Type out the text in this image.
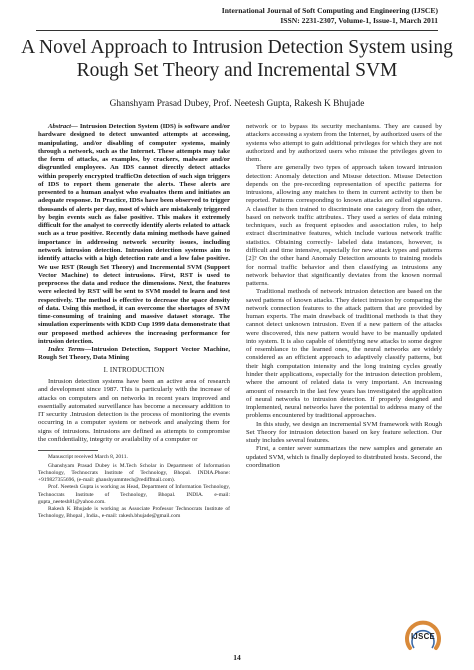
International Journal of Soft Computing and Engineering (IJSCE)
ISSN: 2231-2307, Volume-1, Issue-1, March 2011
A Novel Approach to Intrusion Detection System using Rough Set Theory and Incremental SVM
Ghanshyam Prasad Dubey, Prof. Neetesh Gupta, Rakesh K Bhujade

Abstract— Intrusion Detection System (IDS) is software and/or hardware designed to detect unwanted attempts at accessing, manipulating, and/or disabling of computer systems, mainly through a network, such as the Internet. These attempts may take the form of attacks, as examples, by crackers, malware and/or disgruntled employees. An IDS cannot directly detect attacks within properly encrypted trafficOn detection of such sign triggers of IDS to report them generate the alerts. These alerts are presented to a human analyst who evaluates them and initiates an adequate response. In Practice, IDSs have been observed to trigger thousands of alerts per day, most of which are mistakenly triggered by begin events such as false positive. This makes it extremely difficult for the analyst to correctly identify alerts related to attack such as a true positive. Recently data mining methods have gained importance in addressing network security issues, including network intrusion detection. Intrusion detection systems aim to identify attacks with a high detection rate and a low false positive. We use RST (Rough Set Theory) and Incremental SVM (Support Vector Machine) to detect intrusions. First, RST is used to preprocess the data and reduce the dimensions. Next, the features were selected by RST will be sent to SVM model to learn and test respectively. The method is effective to decrease the space density of data. Using this method, it can overcome the shortages of SVM time-consuming of training and massive dataset storage. The simulation experiments with KDD Cup 1999 data demonstrate that our proposed method achieves the increasing performance for intrusion detection.

Index Terms—Intrusion Detection, Support Vector Machine, Rough Set Theory, Data Mining

I. INTRODUCTION

Intrusion detection systems have been an active area of research and development since 1987. This is particularly with the increase of attacks on computers and on networks in recent years improved and essentially automated surveillance has become a necessary addition to IT security .Intrusion detection is the process of monitoring the events occurring in a computer system or network and analyzing them for signs of intrusions. Intrusions are defined as attempts to compromise the confidentiality, integrity or availability of a computer or

Manuscript received March 8, 2011.

Ghanshyam Prasad Dubey is M.Tech Scholar in Department of Information Technology, Technocrats Institute of Technology, Bhopal. INDIA.Phone: +919827355696, (e-mail: ghanshyammtech@rediffmail.com).

Prof. Neetesh Gupta is working as Head, Department of Information Technology, Technocrats Institute of Technology, Bhopal. INDIA. e-mail: gupta_neetesh81@yahoo.com.

Rakesh K Bhujade is working as Associate Professor Technocrats Institute of Technology, Bhopal , India., e-mail: rakesh.bhujade@gmail.com

network or to bypass its security mechanisms. They are caused by attackers accessing a system from the Internet, by authorized users of the systems who attempt to gain additional privileges for which they are not authorized and by authorized users who misuse the privileges given to them.

There are generally two types of approach taken toward intrusion detection: Anomaly detection and Misuse detection. Misuse Detection depends on the pre-recording representation of specific patterns for intrusions, allowing any matches to them in current activity to then be reported. Patterns corresponding to known attacks are called signatures. A classifier is then trained to discriminate one category from the other, based on network traffic attributes.. They used a series of data mining techniques, such as frequent episodes and association rules, to help extract discriminative features, which include various network traffic statistics. Obtaining correctly- labeled data instances, however, is difficult and time intensive, especially for new attack types and patterns [2]? On the other hand Anomaly Detection amounts to training models for normal traffic behavior and then classifying as intrusions any network behavior that significantly deviates from the known normal patterns.

Traditional methods of network intrusion detection are based on the saved patterns of known attacks. They detect intrusion by comparing the network connection features to the attack pattern that are provided by human experts. The main drawback of traditional methods is that they cannot detect unknown intrusion. Even if a new pattern of the attacks were discovered, this new pattern would have to be manually updated into system. It is also capable of identifying new attacks to some degree of resemblance to the learned ones, the neural networks are widely considered as an efficient approach to adaptively classify patterns, but their high computation intensity and the long training cycles greatly hinder their applications, especially for the intrusion detection problem, where the amount of related data is very important. An increasing amount of research in the last few years has investigated the application of neural networks to intrusion detection. If properly designed and implemented, neural networks have the potential to address many of the problems encountered by traditional approaches.

In this study, we design an incremental SVM framework with Rough Set Theory for intrusion detection based on key feature selection. Our study includes several features.

First, a center sever summarizes the new samples and generate an updated SVM, which is finally deployed to distributed hosts. Second, the coordination

14
IJSCE
